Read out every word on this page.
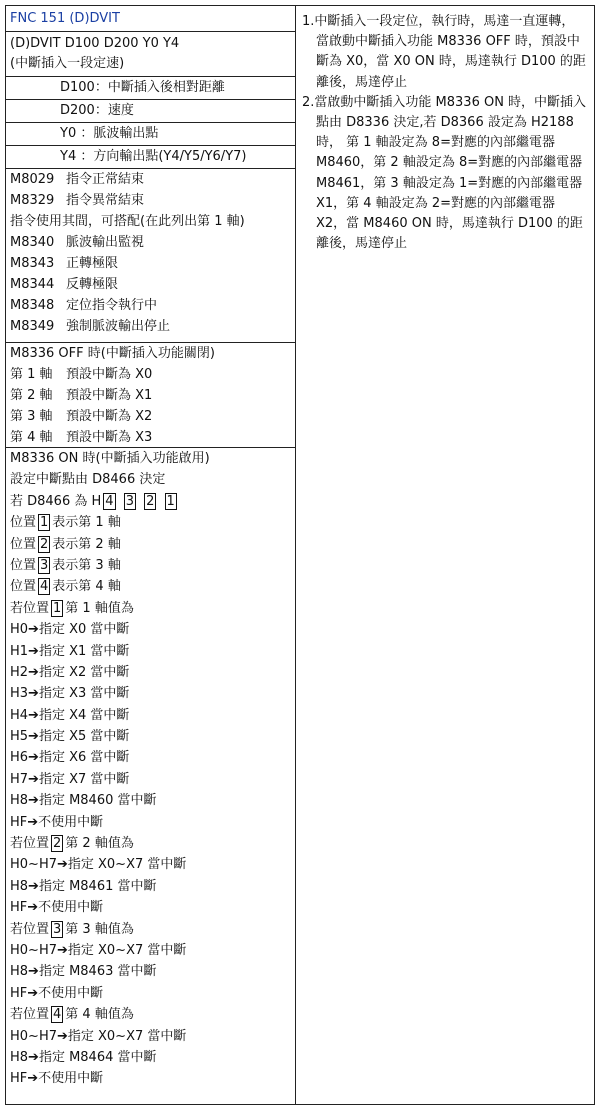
FNC 151 (D)DVIT
(D)DVIT D100 D200 Y0 Y4
(中斷插入一段定速)
D100：中斷插入後相對距離
D200：速度
Y0 ：脈波輸出點
Y4 ：方向輸出點(Y4/Y5/Y6/Y7)
M8029 指令正常結束
M8329 指令異常結束
指令使用其間，可搭配(在此列出第 1 軸)
M8340 脈波輸出監視
M8343 正轉極限
M8344 反轉極限
M8348 定位指令執行中
M8349 強制脈波輸出停止
M8336 OFF 時(中斷插入功能關閉)
第 1 軸 預設中斷為 X0
第 2 軸 預設中斷為 X1
第 3 軸 預設中斷為 X2
第 4 軸 預設中斷為 X3
M8336 ON 時(中斷插入功能啟用)
設定中斷點由 D8466 決定
若 D8466 為 H 4 3 2 1
位置 1 表示第 1 軸
位置 2 表示第 2 軸
位置 3 表示第 3 軸
位置 4 表示第 4 軸
若位置 1 第 1 軸值為
H0➔指定 X0 當中斷
H1➔指定 X1 當中斷
H2➔指定 X2 當中斷
H3➔指定 X3 當中斷
H4➔指定 X4 當中斷
H5➔指定 X5 當中斷
H6➔指定 X6 當中斷
H7➔指定 X7 當中斷
H8➔指定 M8460 當中斷
HF➔不使用中斷
若位置 2 第 2 軸值為
H0~H7➔指定 X0~X7 當中斷
H8➔指定 M8461 當中斷
HF➔不使用中斷
若位置 3 第 3 軸值為
H0~H7➔指定 X0~X7 當中斷
H8➔指定 M8463 當中斷
HF➔不使用中斷
若位置 4 第 4 軸值為
H0~H7➔指定 X0~X7 當中斷
H8➔指定 M8464 當中斷
HF➔不使用中斷
1.中斷插入一段定位，執行時，馬達一直運轉， 當啟動中斷插入功能 M8336 OFF 時，預設中斷為 X0，當 X0 ON 時，馬達執行 D100 的距離後，馬達停止
2.當啟動中斷插入功能 M8336 ON 時，中斷插入點由 D8336 決定,若 D8366 設定為 H2188 時， 第 1 軸設定為 8=對應的內部繼電器 M8460，第 2 軸設定為 8=對應的內部繼電器 M8461，第 3 軸設定為 1=對應的內部繼電器 X1，第 4 軸設定為 2=對應的內部繼電器 X2，當 M8460 ON 時，馬達執行 D100 的距離後，馬達停止
